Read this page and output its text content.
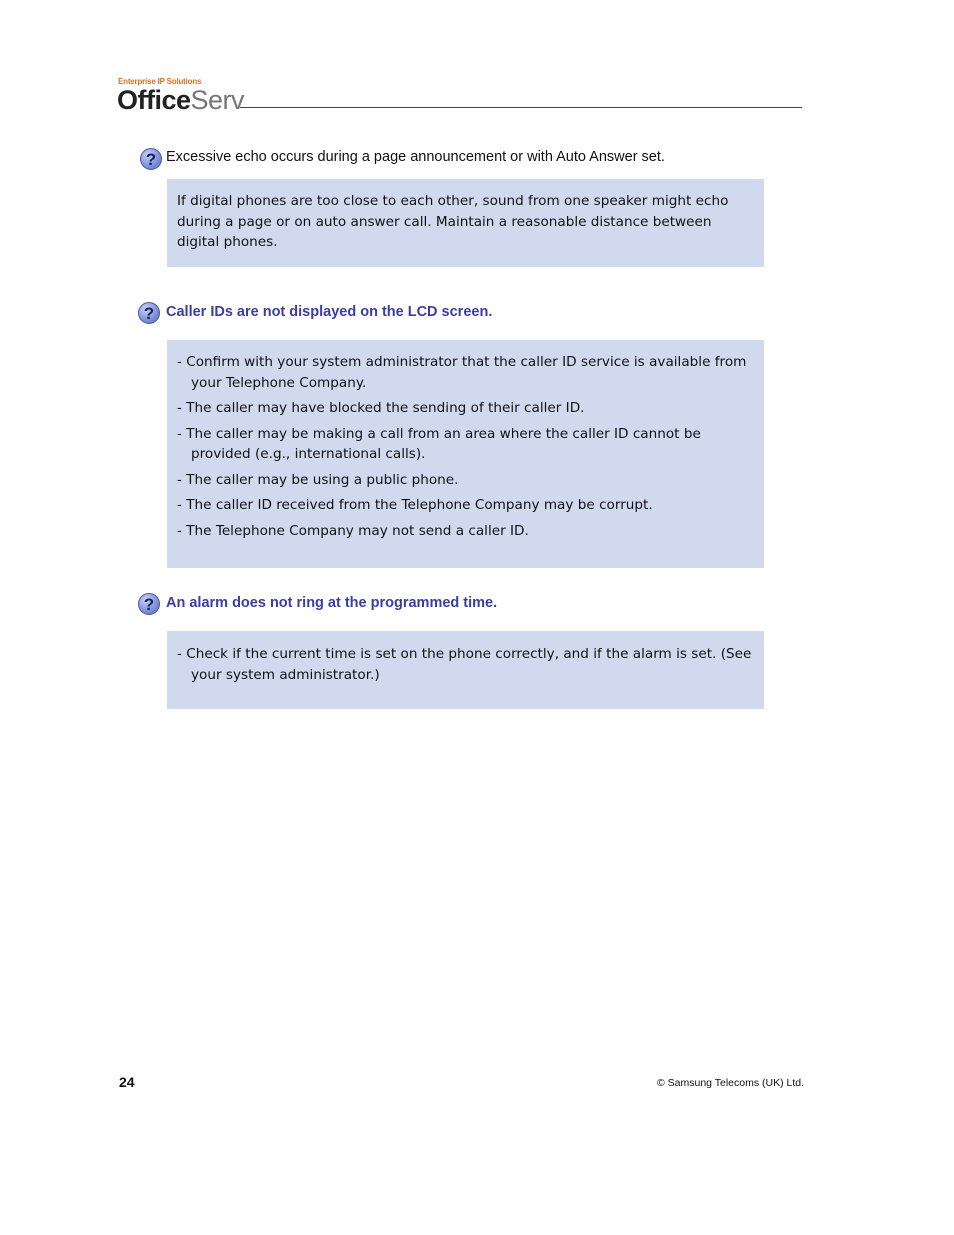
Enterprise IP Solutions
OfficeServ
? Excessive echo occurs during a page announcement or with Auto Answer set.

If digital phones are too close to each other, sound from one speaker might echo during a page or on auto answer call. Maintain a reasonable distance between digital phones.

? Caller IDs are not displayed on the LCD screen.
- Confirm with your system administrator that the caller ID service is available from your Telephone Company.
- The caller may have blocked the sending of their caller ID.
- The caller may be making a call from an area where the caller ID cannot be provided (e.g., international calls).
- The caller may be using a public phone.
- The caller ID received from the Telephone Company may be corrupt.
- The Telephone Company may not send a caller ID.
? An alarm does not ring at the programmed time.
- Check if the current time is set on the phone correctly, and if the alarm is set. (See your system administrator.)
24	© Samsung Telecoms (UK) Ltd.
